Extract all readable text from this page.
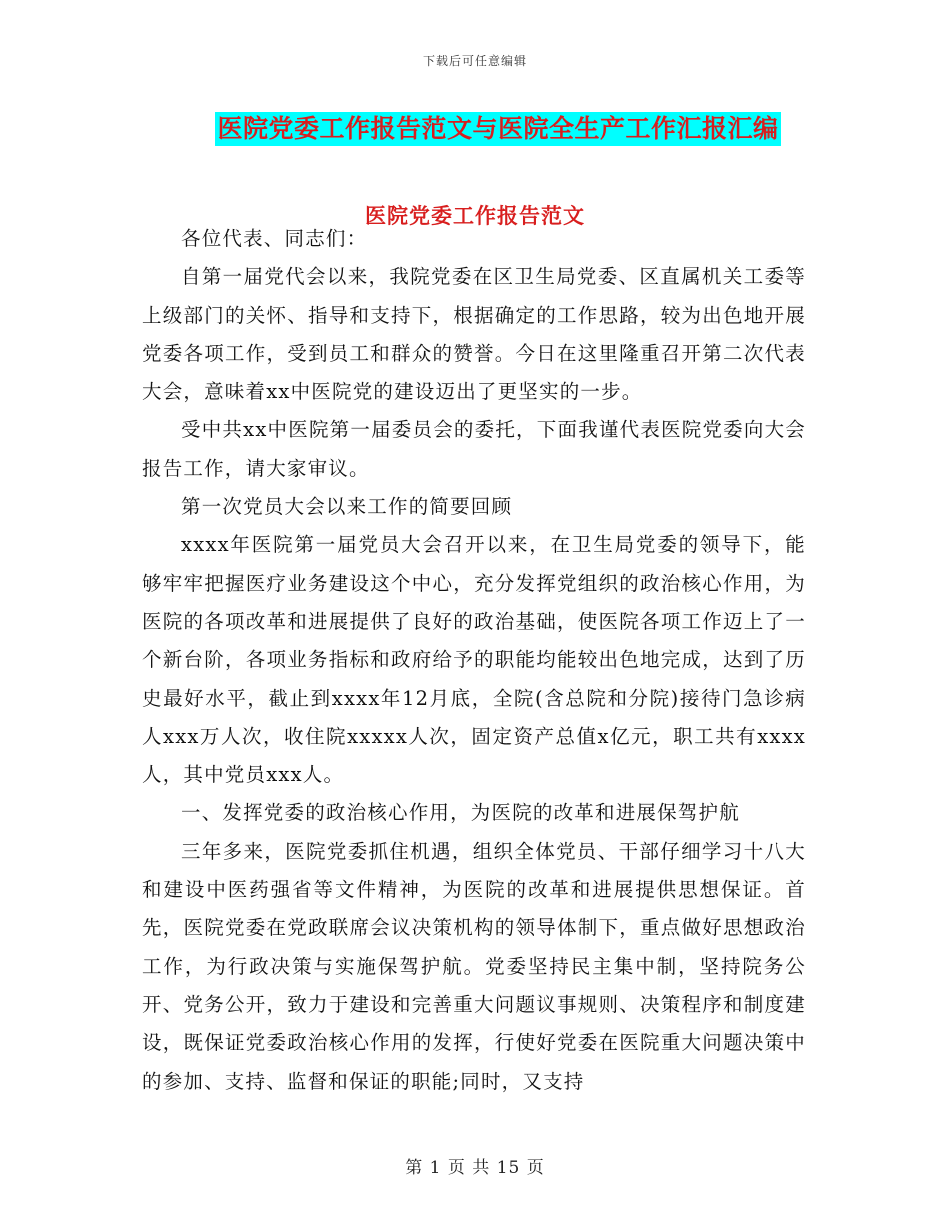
下载后可任意编辑
医院党委工作报告范文与医院全生产工作汇报汇编
医院党委工作报告范文

各位代表、同志们：

自第一届党代会以来，我院党委在区卫生局党委、区直属机关工委等上级部门的关怀、指导和支持下，根据确定的工作思路，较为出色地开展党委各项工作，受到员工和群众的赞誉。今日在这里隆重召开第二次代表大会，意味着xx中医院党的建设迈出了更坚实的一步。

受中共xx中医院第一届委员会的委托，下面我谨代表医院党委向大会报告工作，请大家审议。

第一次党员大会以来工作的简要回顾

xxxx年医院第一届党员大会召开以来，在卫生局党委的领导下，能够牢牢把握医疗业务建设这个中心，充分发挥党组织的政治核心作用，为医院的各项改革和进展提供了良好的政治基础，使医院各项工作迈上了一个新台阶，各项业务指标和政府给予的职能均能较出色地完成，达到了历史最好水平，截止到xxxx年12月底，全院(含总院和分院)接待门急诊病人xxx万人次，收住院xxxxx人次，固定资产总值x亿元，职工共有xxxx人，其中党员xxx人。

一、发挥党委的政治核心作用，为医院的改革和进展保驾护航

三年多来，医院党委抓住机遇，组织全体党员、干部仔细学习十八大和建设中医药强省等文件精神，为医院的改革和进展提供思想保证。首先，医院党委在党政联席会议决策机构的领导体制下，重点做好思想政治工作，为行政决策与实施保驾护航。党委坚持民主集中制，坚持院务公开、党务公开，致力于建设和完善重大问题议事规则、决策程序和制度建设，既保证党委政治核心作用的发挥，行使好党委在医院重大问题决策中的参加、支持、监督和保证的职能;同时，又支持

第 1 页 共 15 页
